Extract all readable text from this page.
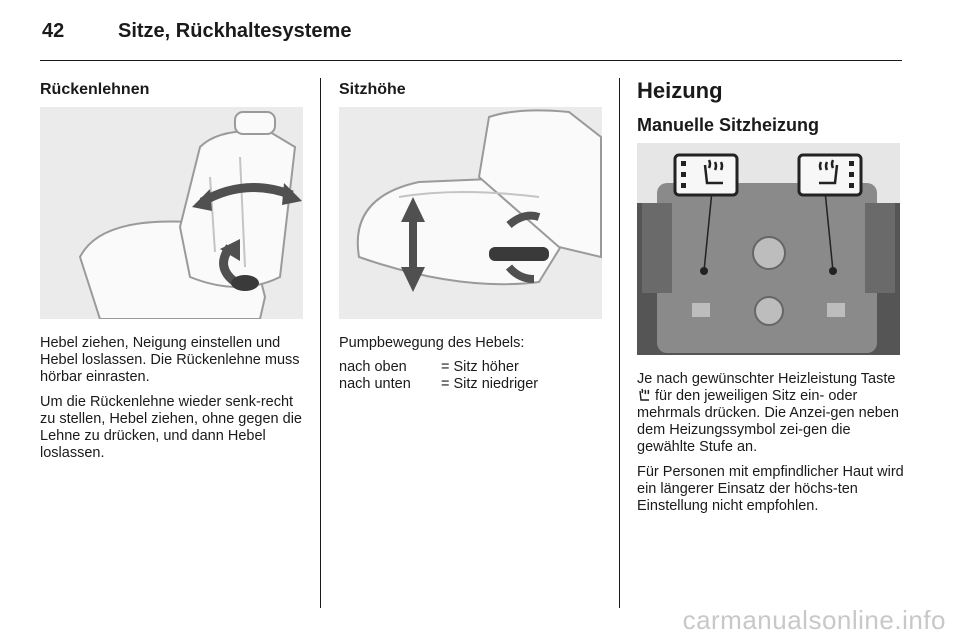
42	Sitze, Rückhaltesysteme
Rückenlehnen

Hebel ziehen, Neigung einstellen und Hebel loslassen. Die Rückenlehne muss hörbar einrasten.

Um die Rückenlehne wieder senk-recht zu stellen, Hebel ziehen, ohne gegen die Lehne zu drücken, und dann Hebel loslassen.

Sitzhöhe
Pumpbewegung des Hebels:
nach oben	= Sitz höher
nach unten	= Sitz niedriger
Heizung
Manuelle Sitzheizung

Je nach gewünschter Heizleistung Taste  für den jeweiligen Sitz ein- oder mehrmals drücken. Die Anzei-gen neben dem Heizungssymbol zei-gen die gewählte Stufe an.

Für Personen mit empfindlicher Haut wird ein längerer Einsatz der höchs-ten Einstellung nicht empfohlen.

carmanualsonline.info
